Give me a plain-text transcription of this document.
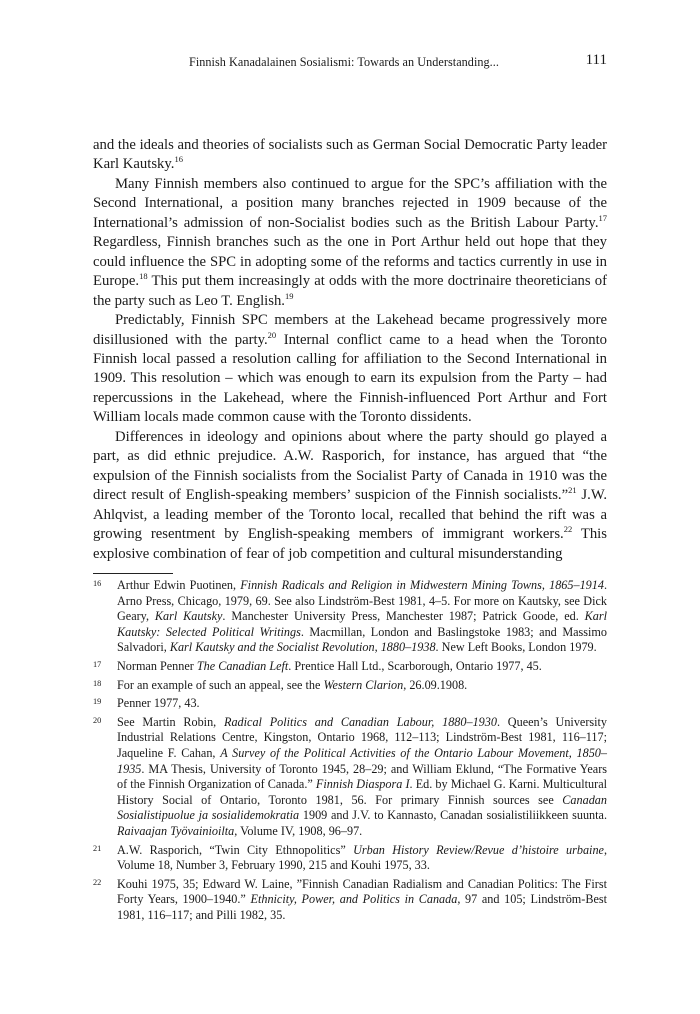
Finnish Kanadalainen Sosialismi: Towards an Understanding...	111

and the ideals and theories of socialists such as German Social Democratic Party leader Karl Kautsky.$^{16}$

Many Finnish members also continued to argue for the SPC’s affiliation with the Second International, a position many branches rejected in 1909 because of the International’s admission of non-Socialist bodies such as the British Labour Party.$^{17}$ Regardless, Finnish branches such as the one in Port Arthur held out hope that they could influence the SPC in adopting some of the reforms and tactics currently in use in Europe.$^{18}$ This put them increasingly at odds with the more doctrinaire theoreticians of the party such as Leo T. English.$^{19}$

Predictably, Finnish SPC members at the Lakehead became progressively more disillusioned with the party.$^{20}$ Internal conflict came to a head when the Toronto Finnish local passed a resolution calling for affiliation to the Second International in 1909. This resolution – which was enough to earn its expulsion from the Party – had repercussions in the Lakehead, where the Finnish-influenced Port Arthur and Fort William locals made common cause with the Toronto dissidents.

Differences in ideology and opinions about where the party should go played a part, as did ethnic prejudice. A.W. Rasporich, for instance, has argued that “the expulsion of the Finnish socialists from the Socialist Party of Canada in 1910 was the direct result of English-speaking members’ suspicion of the Finnish socialists.”$^{21}$ J.W. Ahlqvist, a leading member of the Toronto local, recalled that behind the rift was a growing resentment by English-speaking members of immigrant workers.$^{22}$ This explosive combination of fear of job competition and cultural misunderstanding

16 Arthur Edwin Puotinen, Finnish Radicals and Religion in Midwestern Mining Towns, 1865–1914. Arno Press, Chicago, 1979, 69. See also Lindström-Best 1981, 4–5. For more on Kautsky, see Dick Geary, Karl Kautsky. Manchester University Press, Manchester 1987; Patrick Goode, ed. Karl Kautsky: Selected Political Writings. Macmillan, London and Baslingstoke 1983; and Massimo Salvadori, Karl Kautsky and the Socialist Revolution, 1880–1938. New Left Books, London 1979.
17 Norman Penner The Canadian Left. Prentice Hall Ltd., Scarborough, Ontario 1977, 45.
18 For an example of such an appeal, see the Western Clarion, 26.09.1908.
19 Penner 1977, 43.
20 See Martin Robin, Radical Politics and Canadian Labour, 1880–1930. Queen’s University Industrial Relations Centre, Kingston, Ontario 1968, 112–113; Lindström-Best 1981, 116–117; Jaqueline F. Cahan, A Survey of the Political Activities of the Ontario Labour Movement, 1850–1935. MA Thesis, University of Toronto 1945, 28–29; and William Eklund, “The Formative Years of the Finnish Organization of Canada.” Finnish Diaspora I. Ed. by Michael G. Karni. Multicultural History Social of Ontario, Toronto 1981, 56. For primary Finnish sources see Canadan Sosialistipuolue ja sosialidemokratia 1909 and J.V. to Kannasto, Canadan sosialistiliikkeen suunta. Raivaajan Työvainioilta, Volume IV, 1908, 96–97.
21 A.W. Rasporich, “Twin City Ethnopolitics” Urban History Review/Revue d’histoire urbaine, Volume 18, Number 3, February 1990, 215 and Kouhi 1975, 33.
22 Kouhi 1975, 35; Edward W. Laine, ”Finnish Canadian Radialism and Canadian Politics: The First Forty Years, 1900–1940.” Ethnicity, Power, and Politics in Canada, 97 and 105; Lindström-Best 1981, 116–117; and Pilli 1982, 35.
